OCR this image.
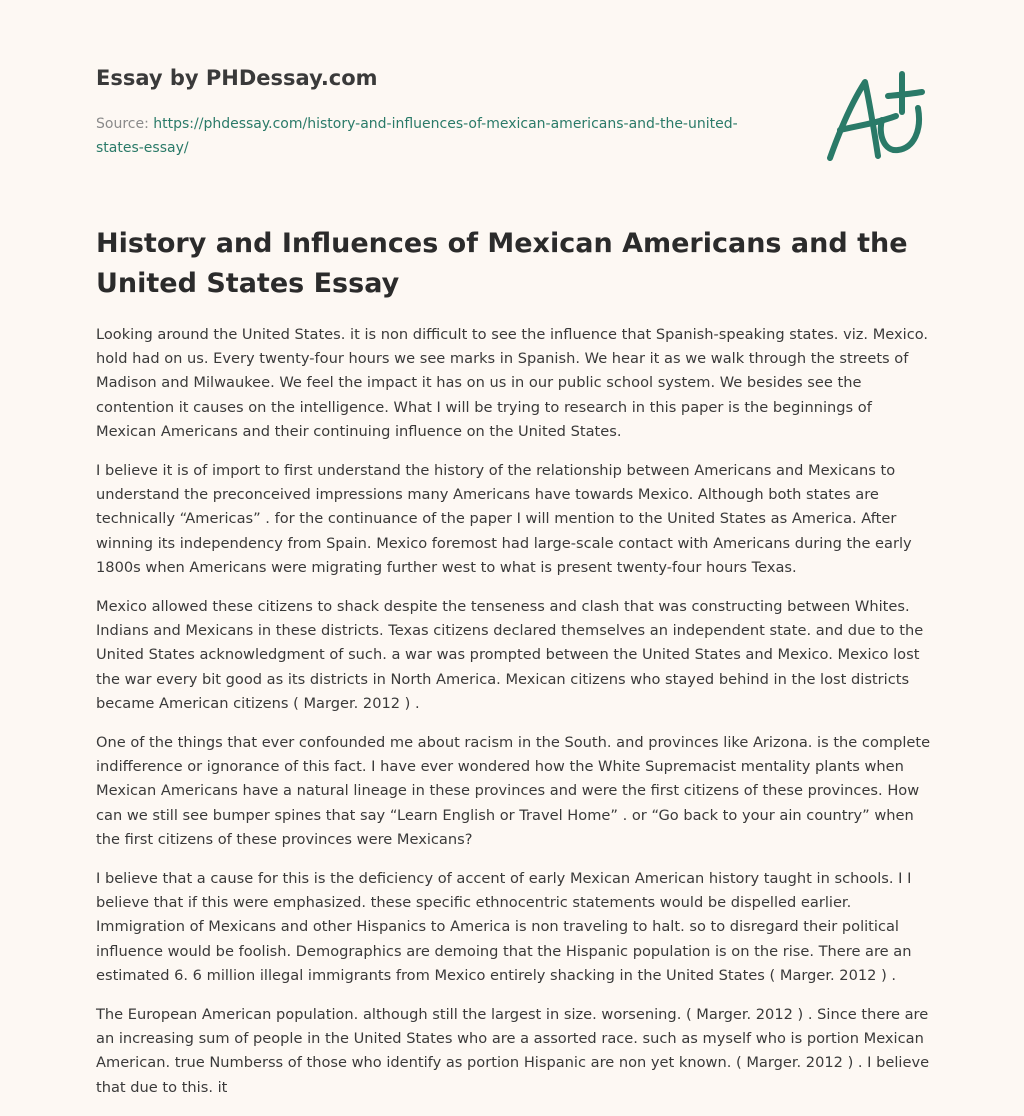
Essay by PHDessay.com
Source: https://phdessay.com/history-and-influences-of-mexican-americans-and-the-united-states-essay/
History and Influences of Mexican Americans and the United States Essay

Looking around the United States. it is non difficult to see the influence that Spanish-speaking states. viz. Mexico. hold had on us. Every twenty-four hours we see marks in Spanish. We hear it as we walk through the streets of Madison and Milwaukee. We feel the impact it has on us in our public school system. We besides see the contention it causes on the intelligence. What I will be trying to research in this paper is the beginnings of Mexican Americans and their continuing influence on the United States.

I believe it is of import to first understand the history of the relationship between Americans and Mexicans to understand the preconceived impressions many Americans have towards Mexico. Although both states are technically “Americas” . for the continuance of the paper I will mention to the United States as America. After winning its independency from Spain. Mexico foremost had large-scale contact with Americans during the early 1800s when Americans were migrating further west to what is present twenty-four hours Texas.

Mexico allowed these citizens to shack despite the tenseness and clash that was constructing between Whites. Indians and Mexicans in these districts. Texas citizens declared themselves an independent state. and due to the United States acknowledgment of such. a war was prompted between the United States and Mexico. Mexico lost the war every bit good as its districts in North America. Mexican citizens who stayed behind in the lost districts became American citizens ( Marger. 2012 ) .

One of the things that ever confounded me about racism in the South. and provinces like Arizona. is the complete indifference or ignorance of this fact. I have ever wondered how the White Supremacist mentality plants when Mexican Americans have a natural lineage in these provinces and were the first citizens of these provinces. How can we still see bumper spines that say “Learn English or Travel Home” . or “Go back to your ain country” when the first citizens of these provinces were Mexicans?

I believe that a cause for this is the deficiency of accent of early Mexican American history taught in schools. I I believe that if this were emphasized. these specific ethnocentric statements would be dispelled earlier. Immigration of Mexicans and other Hispanics to America is non traveling to halt. so to disregard their political influence would be foolish. Demographics are demoing that the Hispanic population is on the rise. There are an estimated 6. 6 million illegal immigrants from Mexico entirely shacking in the United States ( Marger. 2012 ) .

The European American population. although still the largest in size. worsening. ( Marger. 2012 ) . Since there are an increasing sum of people in the United States who are a assorted race. such as myself who is portion Mexican American. true Numberss of those who identify as portion Hispanic are non yet known. ( Marger. 2012 ) . I believe that due to this. it
